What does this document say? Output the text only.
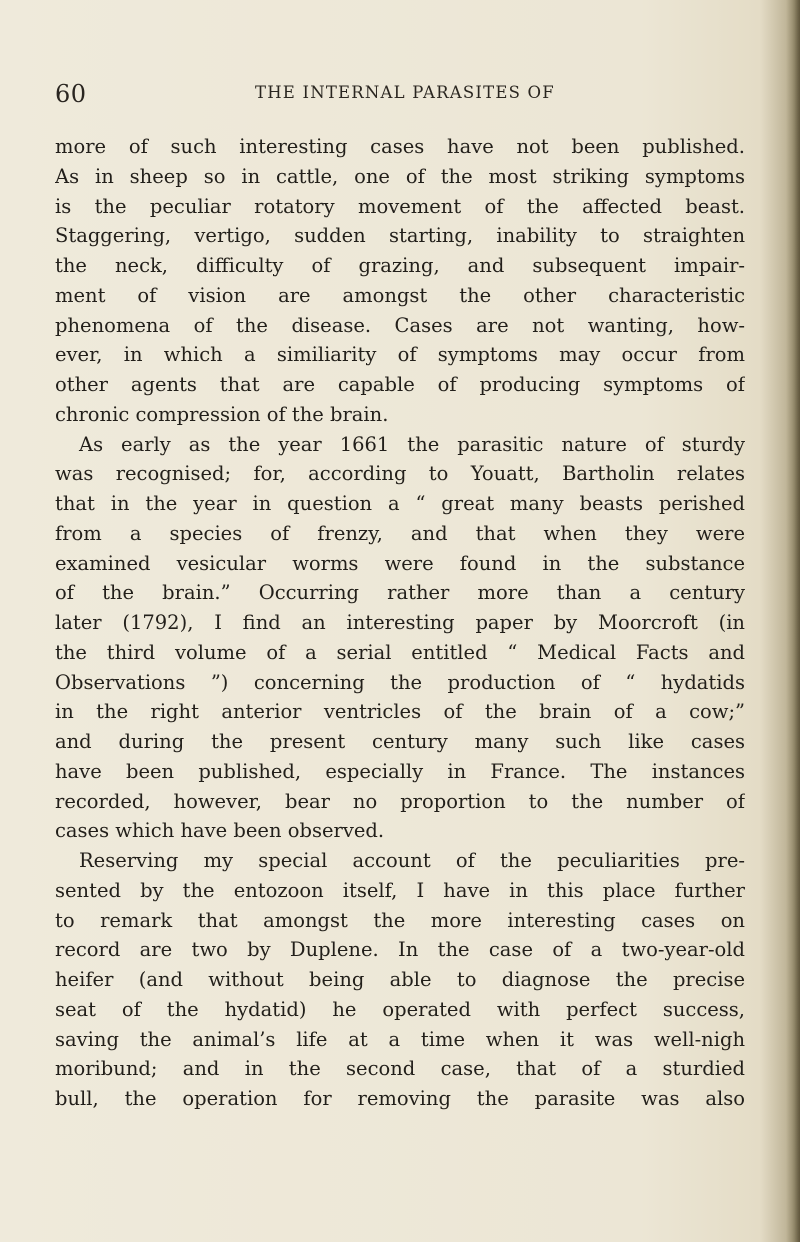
60	THE INTERNAL PARASITES OF
more of such interesting cases have not been published.
As in sheep so in cattle, one of the most striking symptoms
is the peculiar rotatory movement of the affected beast.
Staggering, vertigo, sudden starting, inability to straighten
the neck, difficulty of grazing, and subsequent impair-
ment of vision are amongst the other characteristic
phenomena of the disease. Cases are not wanting, how-
ever, in which a similiarity of symptoms may occur from
other agents that are capable of producing symptoms of
chronic compression of the brain.
As early as the year 1661 the parasitic nature of sturdy
was recognised; for, according to Youatt, Bartholin relates
that in the year in question a “ great many beasts perished
from a species of frenzy, and that when they were
examined vesicular worms were found in the substance
of the brain.” Occurring rather more than a century
later (1792), I find an interesting paper by Moorcroft (in
the third volume of a serial entitled “ Medical Facts and
Observations ”) concerning the production of “ hydatids
in the right anterior ventricles of the brain of a cow;”
and during the present century many such like cases
have been published, especially in France. The instances
recorded, however, bear no proportion to the number of
cases which have been observed.
Reserving my special account of the peculiarities pre-
sented by the entozoon itself, I have in this place further
to remark that amongst the more interesting cases on
record are two by Duplene. In the case of a two-year-old
heifer (and without being able to diagnose the precise
seat of the hydatid) he operated with perfect success,
saving the animal’s life at a time when it was well-nigh
moribund; and in the second case, that of a sturdied
bull, the operation for removing the parasite was also
